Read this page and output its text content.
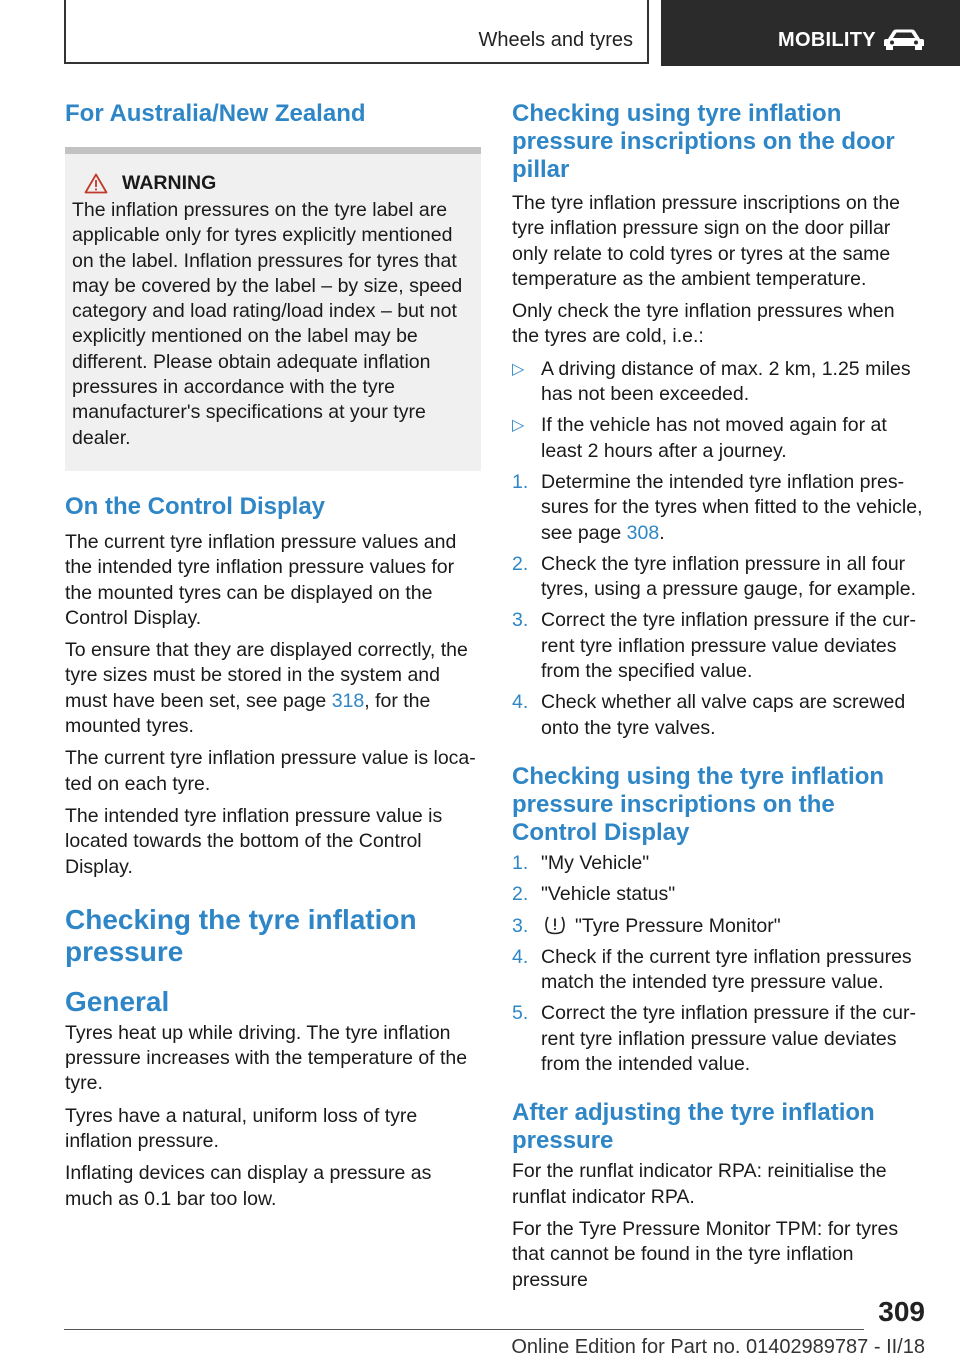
Wheels and tyres	MOBILITY
For Australia/New Zealand
WARNING

The inflation pressures on the tyre label are applicable only for tyres explicitly mentioned on the label. Inflation pressures for tyres that may be covered by the label – by size, speed category and load rating/load index – but not explicitly mentioned on the label may be different. Please obtain adequate inflation pressures in accordance with the tyre manufacturer's specifications at your tyre dealer.

On the Control Display

The current tyre inflation pressure values and the intended tyre inflation pressure values for the mounted tyres can be displayed on the Control Display.

To ensure that they are displayed correctly, the tyre sizes must be stored in the system and must have been set, see page 318, for the mounted tyres.

The current tyre inflation pressure value is located on each tyre.

The intended tyre inflation pressure value is located towards the bottom of the Control Display.

Checking the tyre inflation pressure
General

Tyres heat up while driving. The tyre inflation pressure increases with the temperature of the tyre.

Tyres have a natural, uniform loss of tyre inflation pressure.

Inflating devices can display a pressure as much as 0.1 bar too low.

Checking using tyre inflation pressure inscriptions on the door pillar

The tyre inflation pressure inscriptions on the tyre inflation pressure sign on the door pillar only relate to cold tyres or tyres at the same temperature as the ambient temperature.

Only check the tyre inflation pressures when the tyres are cold, i.e.:

▷ A driving distance of max. 2 km, 1.25 miles has not been exceeded.
▷ If the vehicle has not moved again for at least 2 hours after a journey.
1. Determine the intended tyre inflation pressures for the tyres when fitted to the vehicle, see page 308.
2. Check the tyre inflation pressure in all four tyres, using a pressure gauge, for example.
3. Correct the tyre inflation pressure if the current tyre inflation pressure value deviates from the specified value.
4. Check whether all valve caps are screwed onto the tyre valves.
Checking using the tyre inflation pressure inscriptions on the Control Display
1. "My Vehicle"
2. "Vehicle status"
3.	"Tyre Pressure Monitor"
4. Check if the current tyre inflation pressures match the intended tyre pressure value.
5. Correct the tyre inflation pressure if the current tyre inflation pressure value deviates from the intended value.
After adjusting the tyre inflation pressure

For the runflat indicator RPA: reinitialise the runflat indicator RPA.

For the Tyre Pressure Monitor TPM: for tyres that cannot be found in the tyre inflation pressure

309
Online Edition for Part no. 01402989787 - II/18
